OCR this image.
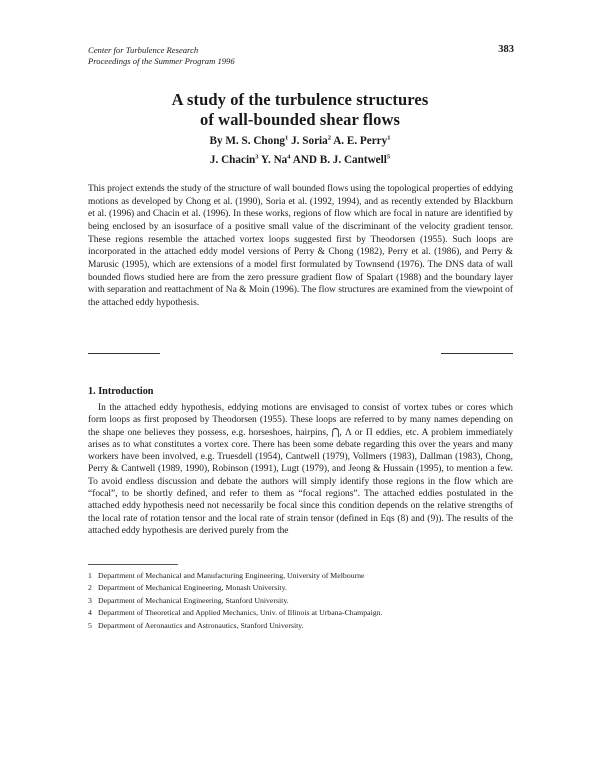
Center for Turbulence Research
Proceedings of the Summer Program 1996
383
A study of the turbulence structures
of wall-bounded shear flows
By M. S. Chong$^1$ J. Soria$^2$ A. E. Perry$^1$
J. Chacin$^3$ Y. Na$^4$ AND B. J. Cantwell$^5$

This project extends the study of the structure of wall bounded flows using the topological properties of eddying motions as developed by Chong et al. (1990), Soria et al. (1992, 1994), and as recently extended by Blackburn et al. (1996) and Chacin et al. (1996). In these works, regions of flow which are focal in nature are identified by being enclosed by an isosurface of a positive small value of the discriminant of the velocity gradient tensor. These regions resemble the attached vortex loops suggested first by Theodorsen (1955). Such loops are incorporated in the attached eddy model versions of Perry & Chong (1982), Perry et al. (1986), and Perry & Marusic (1995), which are extensions of a model first formulated by Townsend (1976). The DNS data of wall bounded flows studied here are from the zero pressure gradient flow of Spalart (1988) and the boundary layer with separation and reattachment of Na & Moin (1996). The flow structures are examined from the viewpoint of the attached eddy hypothesis.

1. Introduction

In the attached eddy hypothesis, eddying motions are envisaged to consist of vortex tubes or cores which form loops as first proposed by Theodorsen (1955). These loops are referred to by many names depending on the shape one believes they possess, e.g. horseshoes, hairpins, ⋂, Λ or Π eddies, etc. A problem immediately arises as to what constitutes a vortex core. There has been some debate regarding this over the years and many workers have been involved, e.g. Truesdell (1954), Cantwell (1979), Vollmers (1983), Dallman (1983), Chong, Perry & Cantwell (1989, 1990), Robinson (1991), Lugt (1979), and Jeong & Hussain (1995), to mention a few. To avoid endless discussion and debate the authors will simply identify those regions in the flow which are “focal”, to be shortly defined, and refer to them as “focal regions”. The attached eddies postulated in the attached eddy hypothesis need not necessarily be focal since this condition depends on the relative strengths of the local rate of rotation tensor and the local rate of strain tensor (defined in Eqs (8) and (9)). The results of the attached eddy hypothesis are derived purely from the

1 Department of Mechanical and Manufacturing Engineering, University of Melbourne
2 Department of Mechanical Engineering, Monash University.
3 Department of Mechanical Engineering, Stanford University.
4 Department of Theoretical and Applied Mechanics, Univ. of Illinois at Urbana-Champaign.
5 Department of Aeronautics and Astronautics, Stanford University.
